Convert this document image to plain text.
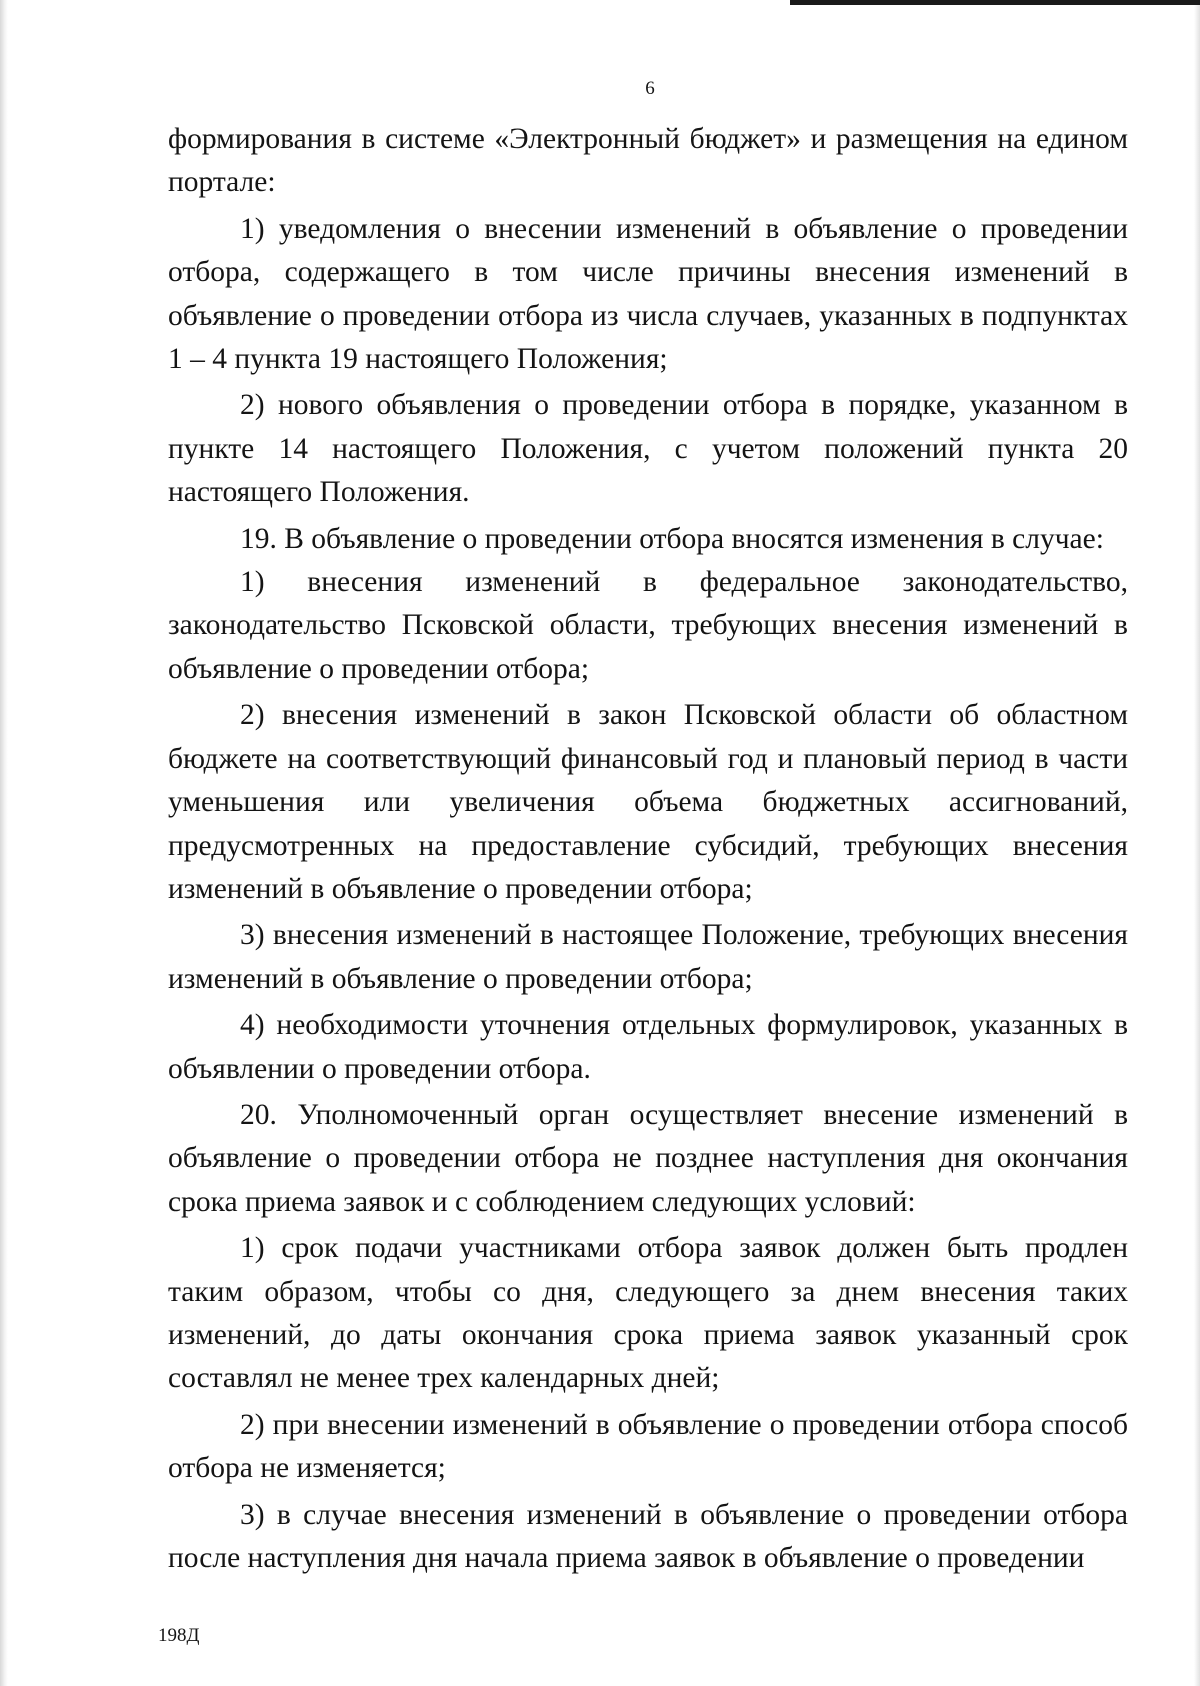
6

формирования в системе «Электронный бюджет» и размещения на едином портале:

1) уведомления о внесении изменений в объявление о проведении отбора, содержащего в том числе причины внесения изменений в объявление о проведении отбора из числа случаев, указанных в подпунктах 1 – 4 пункта 19 настоящего Положения;

2) нового объявления о проведении отбора в порядке, указанном в пункте 14 настоящего Положения, с учетом положений пункта 20 настоящего Положения.

19. В объявление о проведении отбора вносятся изменения в случае:

1) внесения изменений в федеральное законодательство, законодательство Псковской области, требующих внесения изменений в объявление о проведении отбора;

2) внесения изменений в закон Псковской области об областном бюджете на соответствующий финансовый год и плановый период в части уменьшения или увеличения объема бюджетных ассигнований, предусмотренных на предоставление субсидий, требующих внесения изменений в объявление о проведении отбора;

3) внесения изменений в настоящее Положение, требующих внесения изменений в объявление о проведении отбора;

4) необходимости уточнения отдельных формулировок, указанных в объявлении о проведении отбора.

20. Уполномоченный орган осуществляет внесение изменений в объявление о проведении отбора не позднее наступления дня окончания срока приема заявок и с соблюдением следующих условий:

1) срок подачи участниками отбора заявок должен быть продлен таким образом, чтобы со дня, следующего за днем внесения таких изменений, до даты окончания срока приема заявок указанный срок составлял не менее трех календарных дней;

2) при внесении изменений в объявление о проведении отбора способ отбора не изменяется;

3) в случае внесения изменений в объявление о проведении отбора после наступления дня начала приема заявок в объявление о проведении

198Д
